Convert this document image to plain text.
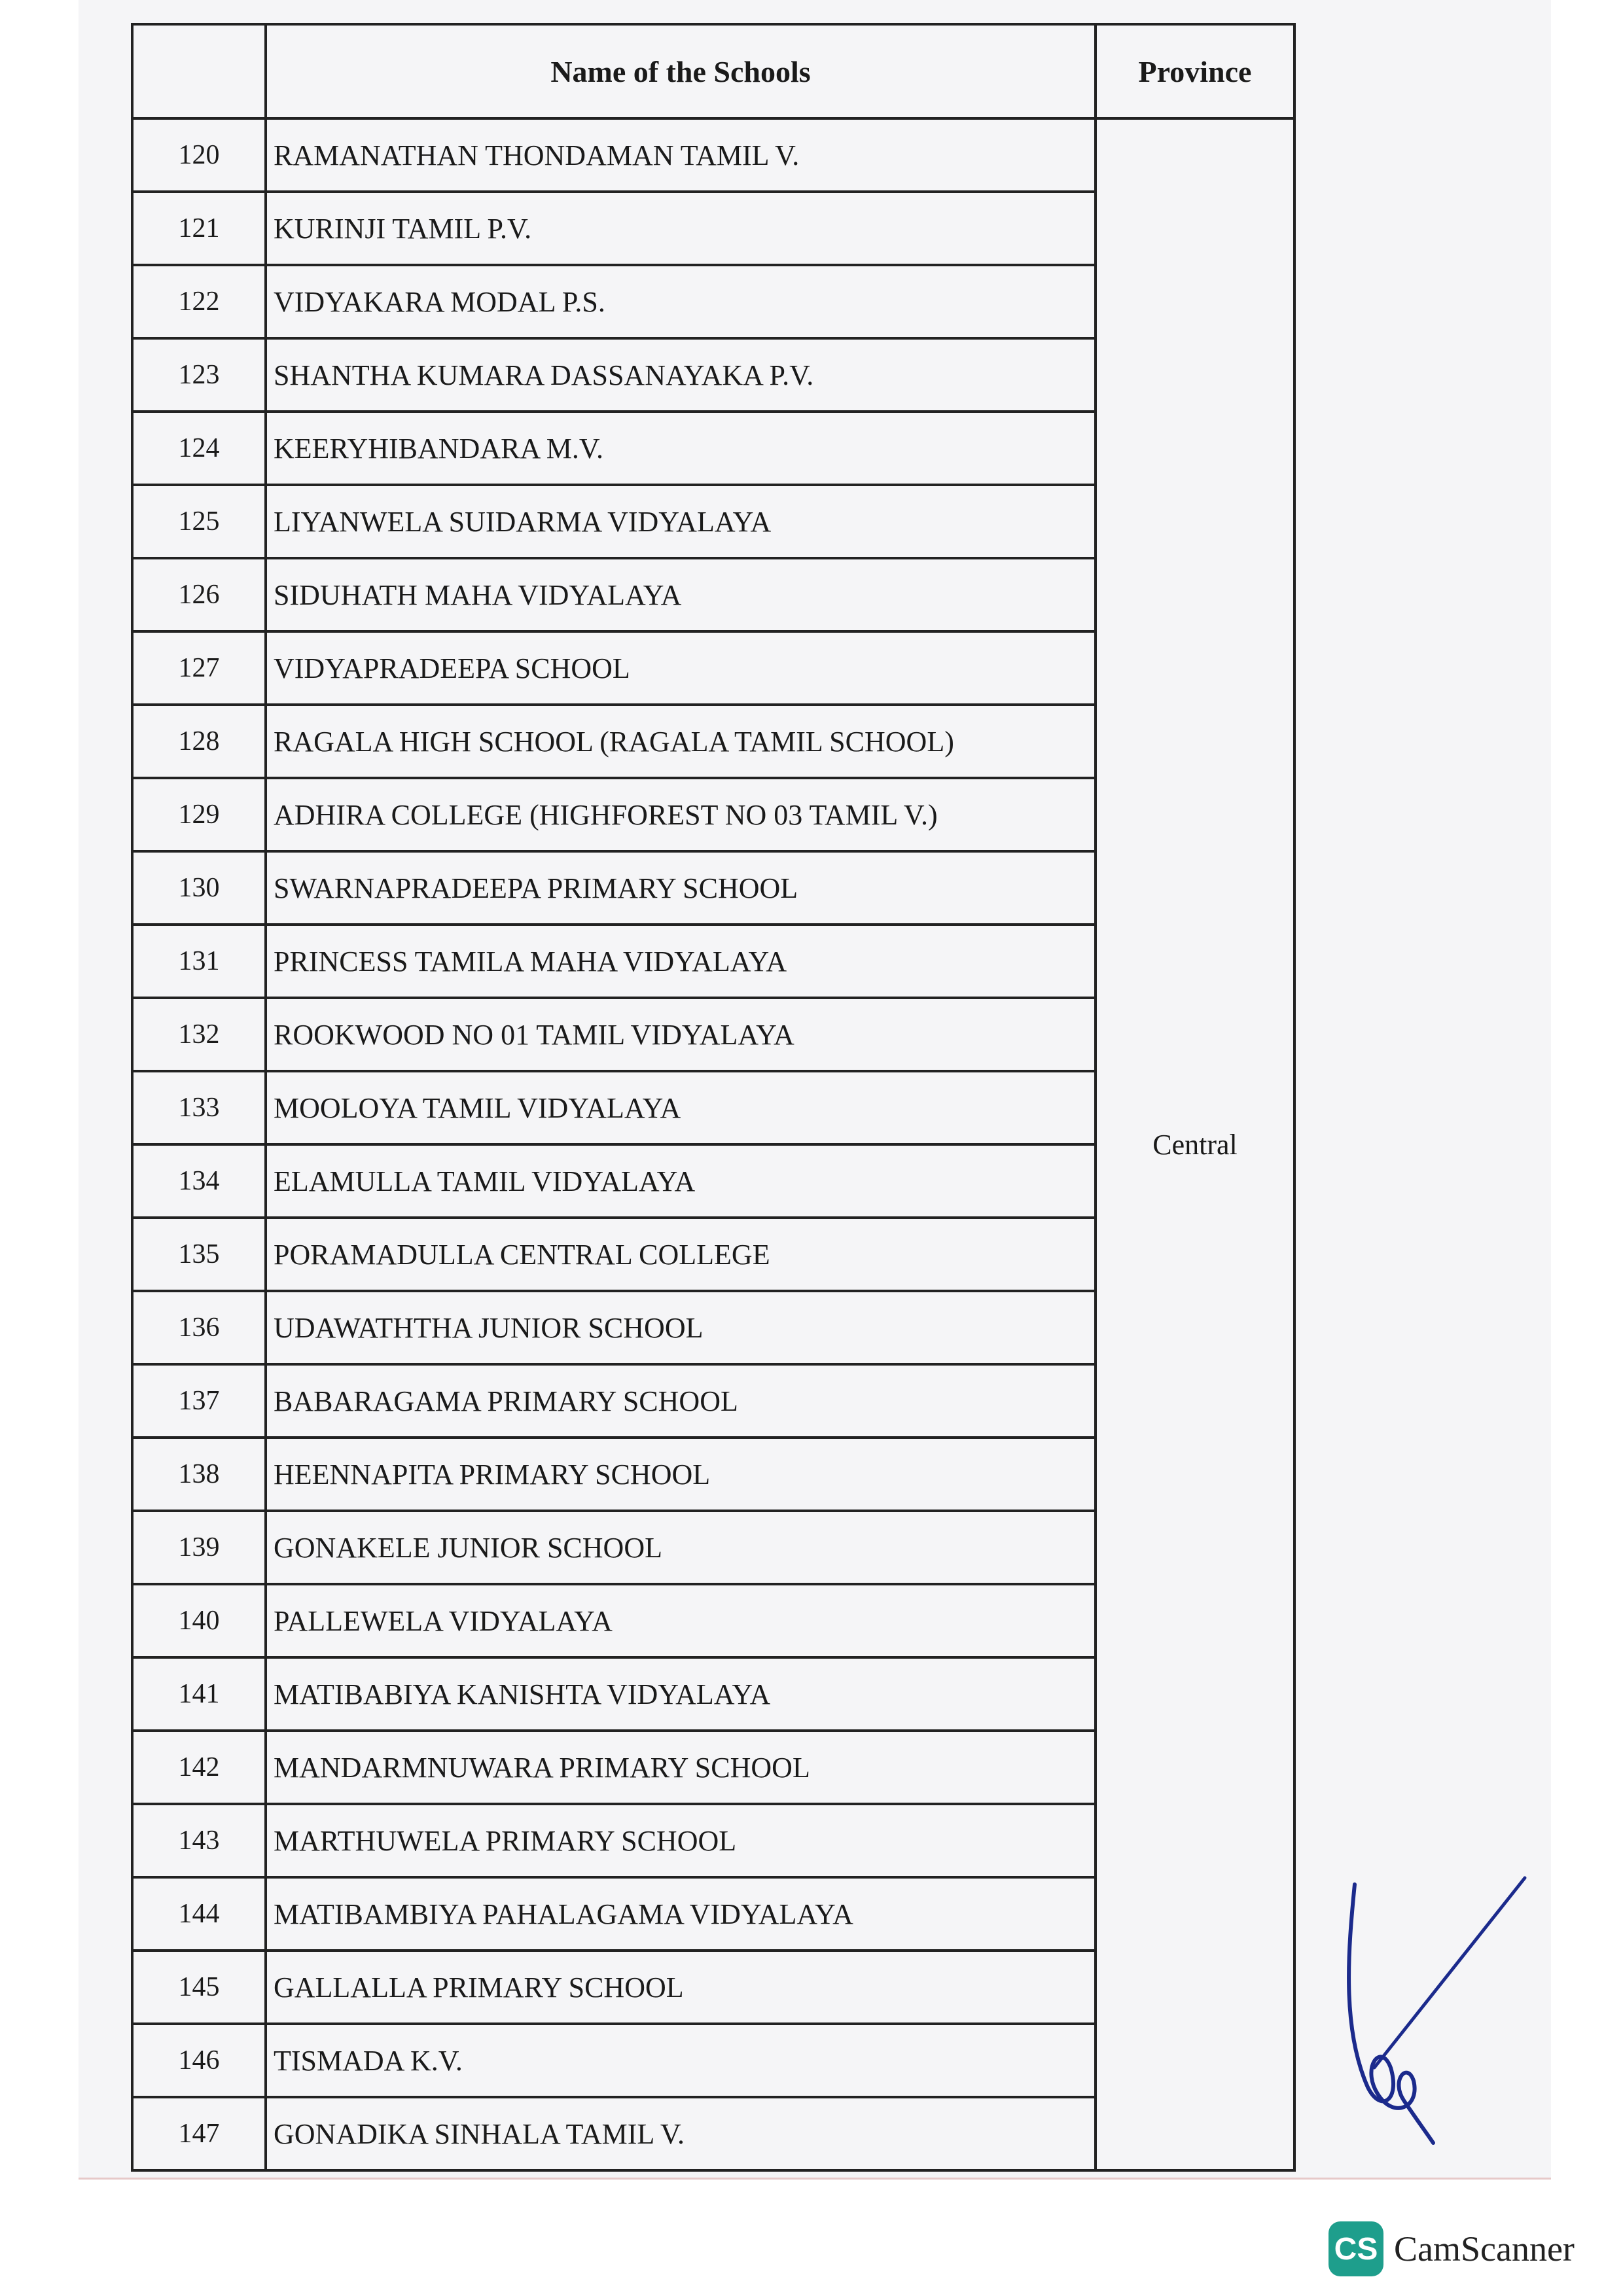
	Name of the Schools	Province
120	RAMANATHAN THONDAMAN TAMIL V.	Central
121	KURINJI TAMIL P.V.	
122	VIDYAKARA MODAL P.S.	
123	SHANTHA KUMARA DASSANAYAKA P.V.	
124	KEERYHIBANDARA M.V.	
125	LIYANWELA SUIDARMA VIDYALAYA	
126	SIDUHATH MAHA VIDYALAYA	
127	VIDYAPRADEEPA SCHOOL	
128	RAGALA HIGH SCHOOL (RAGALA TAMIL SCHOOL)	
129	ADHIRA COLLEGE (HIGHFOREST NO 03 TAMIL V.)	
130	SWARNAPRADEEPA PRIMARY SCHOOL	
131	PRINCESS TAMILA MAHA VIDYALAYA	
132	ROOKWOOD NO 01 TAMIL VIDYALAYA	
133	MOOLOYA TAMIL VIDYALAYA	
134	ELAMULLA TAMIL VIDYALAYA	
135	PORAMADULLA CENTRAL COLLEGE	
136	UDAWATHTHA JUNIOR SCHOOL	
137	BABARAGAMA PRIMARY SCHOOL	
138	HEENNAPITA PRIMARY SCHOOL	
139	GONAKELE JUNIOR SCHOOL	
140	PALLEWELA VIDYALAYA	
141	MATIBABIYA KANISHTA VIDYALAYA	
142	MANDARMNUWARA PRIMARY SCHOOL	
143	MARTHUWELA PRIMARY SCHOOL	
144	MATIBAMBIYA PAHALAGAMA VIDYALAYA	
145	GALLALLA PRIMARY SCHOOL	
146	TISMADA K.V.	
147	GONADIKA SINHALA TAMIL V.	
CS CamScanner
